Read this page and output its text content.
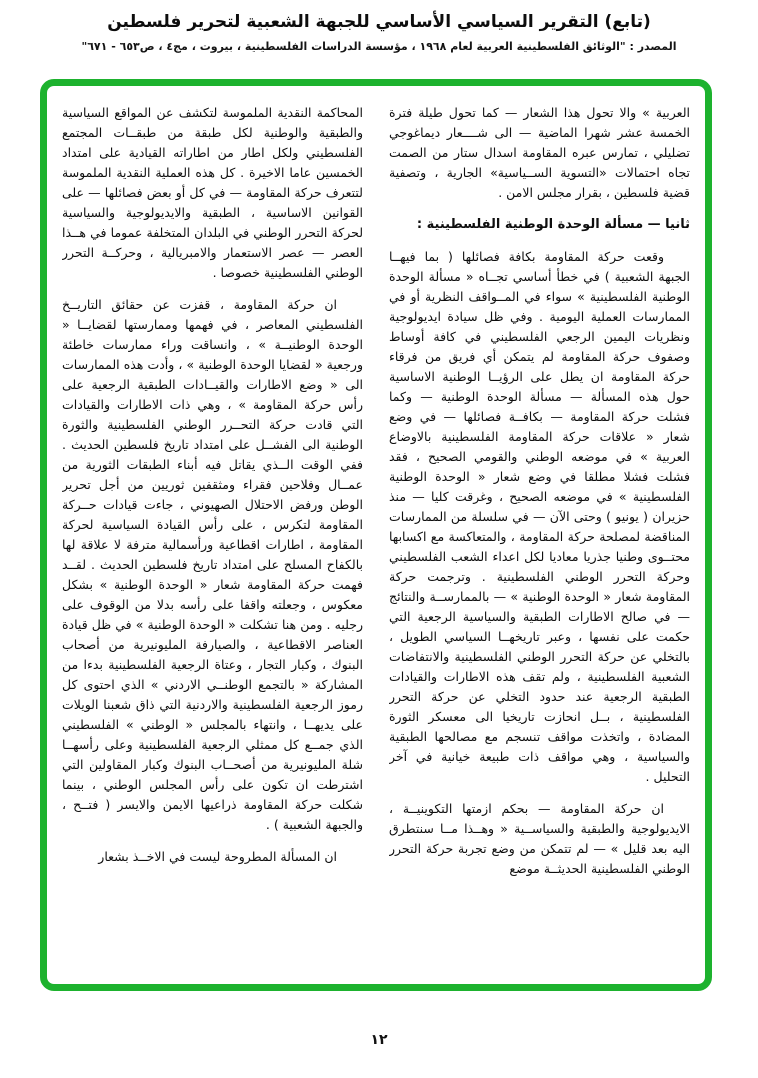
(تابع) التقرير السياسي الأساسي للجبهة الشعبية لتحرير فلسطين
المصدر : "الوثائق الفلسطينية العربية لعام ١٩٦٨ ، مؤسسة الدراسات الفلسطينية ، بيروت ، مج٤ ، ص٦٥٣ - ٦٧١"

العربية » والا تحول هذا الشعار — كما تحول طيلة فترة الخمسة عشر شهرا الماضية — الى شــــعار ديماغوجي تضليلي ، تمارس عبره المقاومة اسدال ستار من الصمت تجاه احتمالات «التسوية الســياسية» الجارية ، وتصفية قضية فلسطين ، بقرار مجلس الامن .

ثانيا — مسألة الوحدة الوطنية الفلسطينية :

وقعت حركة المقاومة بكافة فصائلها ( بما فيهــا الجبهة الشعبية ) في خطأ أساسي تجــاه « مسألة الوحدة الوطنية الفلسطينية » سواء في المــواقف النظرية أو في الممارسات العملية اليومية . وفي ظل سيادة ايديولوجية ونظريات اليمين الرجعي الفلسطيني في كافة أوساط وصفوف حركة المقاومة لم يتمكن أي فريق من فرقاء حركة المقاومة ان يطل على الرؤيــا الوطنية الاساسية حول هذه المسألة — مسألة الوحدة الوطنية — وكما فشلت حركة المقاومة — بكافــة فصائلها — في وضع شعار « علاقات حركة المقاومة الفلسطينية بالاوضاع العربية » في موضعه الوطني والقومي الصحيح ، فقد فشلت فشلا مطلقا في وضع شعار « الوحدة الوطنية الفلسطينية » في موضعه الصحيح ، وغرقت كليا — منذ حزيران ( يونيو ) وحتى الآن — في سلسلة من الممارسات المناقضة لمصلحة حركة المقاومة ، والمتعاكسة مع اكسابها محتــوى وطنيا جذريا معاديا لكل اعداء الشعب الفلسطيني وحركة التحرر الوطني الفلسطينية . وترجمت حركة المقاومة شعار « الوحدة الوطنية » — بالممارســة والنتائج — في صالح الاطارات الطبقية والسياسية الرجعية التي حكمت على نفسها ، وعبر تاريخهــا السياسي الطويل ، بالتخلي عن حركة التحرر الوطني الفلسطينية والانتفاضات الشعبية الفلسطينية ، ولم تقف هذه الاطارات والقيادات الطبقية الرجعية عند حدود التخلي عن حركة التحرر الفلسطينية ، بــل انحازت تاريخيا الى معسكر الثورة المضادة ، واتخذت مواقف تنسجم مع مصالحها الطبقية والسياسية ، وهي مواقف ذات طبيعة خيانية في آخر التحليل .

ان حركة المقاومة — بحكم ازمتها التكوينيــة ، الايديولوجية والطبقية والسياســية « وهــذا مــا سنتطرق اليه بعد قليل » — لم تتمكن من وضع تجربة حركة التحرر الوطني الفلسطينية الحديثــة موضع

المحاكمة النقدية الملموسة لتكشف عن المواقع السياسية والطبقية والوطنية لكل طبقة من طبقــات المجتمع الفلسطيني ولكل اطار من اطاراته القيادية على امتداد الخمسين عاما الاخيرة . كل هذه العملية النقدية الملموسة لتتعرف حركة المقاومة — في كل أو بعض فصائلها — على القوانين الاساسية ، الطبقية والايديولوجية والسياسية لحركة التحرر الوطني في البلدان المتخلفة عموما في هــذا العصر — عصر الاستعمار والامبريالية ، وحركــة التحرر الوطني الفلسطينية خصوصا .

ان حركة المقاومة ، قفزت عن حقائق التاريــخ الفلسطيني المعاصر ، في فهمها وممارستها لقضايــا « الوحدة الوطنيــة » ، وانساقت وراء ممارسات خاطئة ورجعية « لقضايا الوحدة الوطنية » ، وأدت هذه الممارسات الى « وضع الاطارات والقيــادات الطبقية الرجعية على رأس حركة المقاومة » ، وهي ذات الاطارات والقيادات التي قادت حركة التحــرر الوطني الفلسطينية والثورة الوطنية الى الفشــل على امتداد تاريخ فلسطين الحديث . ففي الوقت الــذي يقاتل فيه أبناء الطبقات الثورية من عمــال وفلاحين فقراء ومثقفين ثوريين من أجل تحرير الوطن ورفض الاحتلال الصهيوني ، جاءت قيادات حــركة المقاومة لتكرس ، على رأس القيادة السياسية لحركة المقاومة ، اطارات اقطاعية ورأسمالية مترفة لا علاقة لها بالكفاح المسلح على امتداد تاريخ فلسطين الحديث . لقــد فهمت حركة المقاومة شعار « الوحدة الوطنية » بشكل معكوس ، وجعلته واقفا على رأسه بدلا من الوقوف على رجليه . ومن هنا تشكلت « الوحدة الوطنية » في ظل قيادة العناصر الاقطاعية ، والصيارفة المليونيرية من أصحاب البنوك ، وكبار التجار ، وعتاة الرجعية الفلسطينية بدءا من المشاركة « بالتجمع الوطنــي الاردني » الذي احتوى كل رموز الرجعية الفلسطينية والاردنية التي ذاق شعبنا الويلات على يديهــا ، وانتهاء بالمجلس « الوطني » الفلسطيني الذي جمــع كل ممثلي الرجعية الفلسطينية وعلى رأسهــا شلة المليونيرية من أصحــاب البنوك وكبار المقاولين التي اشترطت ان تكون على رأس المجلس الوطني ، بينما شكلت حركة المقاومة ذراعيها الايمن والايسر ( فتــح ، والجبهة الشعبية ) .

ان المسألة المطروحة ليست في الاخــذ بشعار

١٢
